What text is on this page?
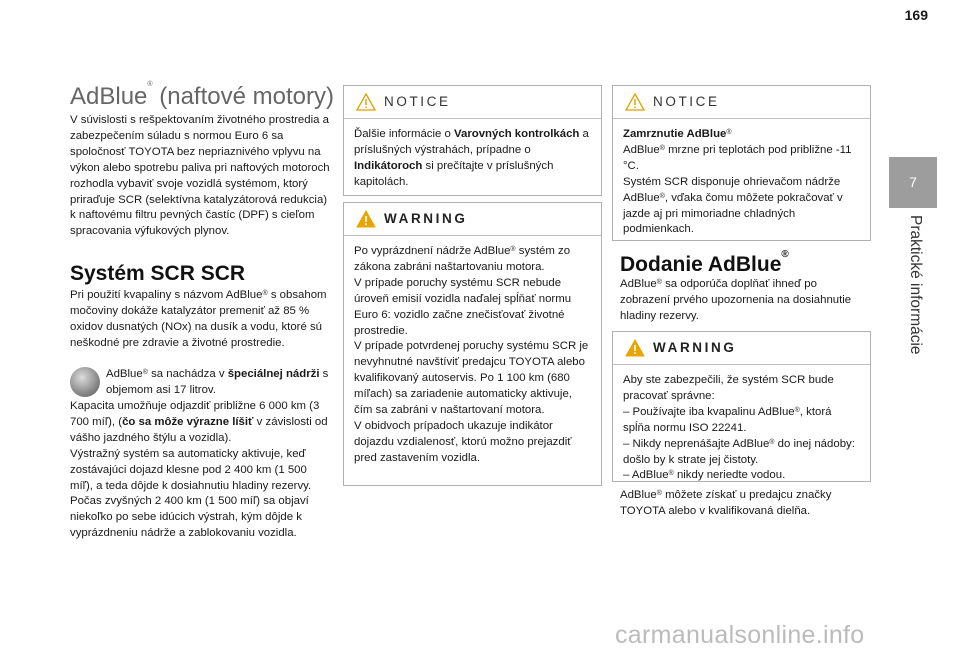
169
7
Praktické informácie
AdBlue® (naftové motory)

V súvislosti s rešpektovaním životného prostredia a zabezpečením súladu s normou Euro 6 sa spoločnosť TOYOTA bez nepriaznivého vplyvu na výkon alebo spotrebu paliva pri naftových motoroch rozhodla vybaviť svoje vozidlá systémom, ktorý priraďuje SCR (selektívna katalyzátorová redukcia) k naftovému filtru pevných častíc (DPF) s cieľom spracovania výfukových plynov.

Systém SCR SCR

Pri použití kvapaliny s názvom AdBlue® s obsahom močoviny dokáže katalyzátor premeniť až 85 % oxidov dusnatých (NOx) na dusík a vodu, ktoré sú neškodné pre zdravie a životné prostredie.

AdBlue® sa nachádza v špeciálnej nádrži s objemom asi 17 litrov.

Kapacita umožňuje odjazdiť približne 6 000 km (3 700 míľ), (čo sa môže výrazne líšiť v závislosti od vášho jazdného štýlu a vozidla).

Výstražný systém sa automaticky aktivuje, keď zostávajúci dojazd klesne pod 2 400 km (1 500 míľ), a teda dôjde k dosiahnutiu hladiny rezervy. Počas zvyšných 2 400 km (1 500 míľ) sa objaví niekoľko po sebe idúcich výstrah, kým dôjde k vyprázdneniu nádrže a zablokovaniu vozidla.

NOTICE

Ďalšie informácie o Varovných kontrolkách a príslušných výstrahách, prípadne o Indikátoroch si prečítajte v príslušných kapitolách.

WARNING

Po vyprázdnení nádrže AdBlue® systém zo zákona zabráni naštartovaniu motora.

V prípade poruchy systému SCR nebude úroveň emisií vozidla naďalej spĺňať normu Euro 6: vozidlo začne znečisťovať životné prostredie.

V prípade potvrdenej poruchy systému SCR je nevyhnutné navštíviť predajcu TOYOTA alebo kvalifikovaný autoservis. Po 1 100 km (680 míľach) sa zariadenie automaticky aktivuje, čím sa zabráni v naštartovaní motora.

V obidvoch prípadoch ukazuje indikátor dojazdu vzdialenosť, ktorú možno prejazdiť pred zastavením vozidla.

NOTICE

Zamrznutie AdBlue®

AdBlue® mrzne pri teplotách pod približne -11 °C.

Systém SCR disponuje ohrievačom nádrže AdBlue®, vďaka čomu môžete pokračovať v jazde aj pri mimoriadne chladných podmienkach.

Dodanie AdBlue®

AdBlue® sa odporúča doplňať ihneď po zobrazení prvého upozornenia na dosiahnutie hladiny rezervy.

WARNING

Aby ste zabezpečili, že systém SCR bude pracovať správne:

– Používajte iba kvapalinu AdBlue®, ktorá spĺňa normu ISO 22241.

– Nikdy neprenášajte AdBlue® do inej nádoby: došlo by k strate jej čistoty.

– AdBlue® nikdy neriedte vodou.

AdBlue® môžete získať u predajcu značky TOYOTA alebo v kvalifikovaná dielňa.

carmanualsonline.info
